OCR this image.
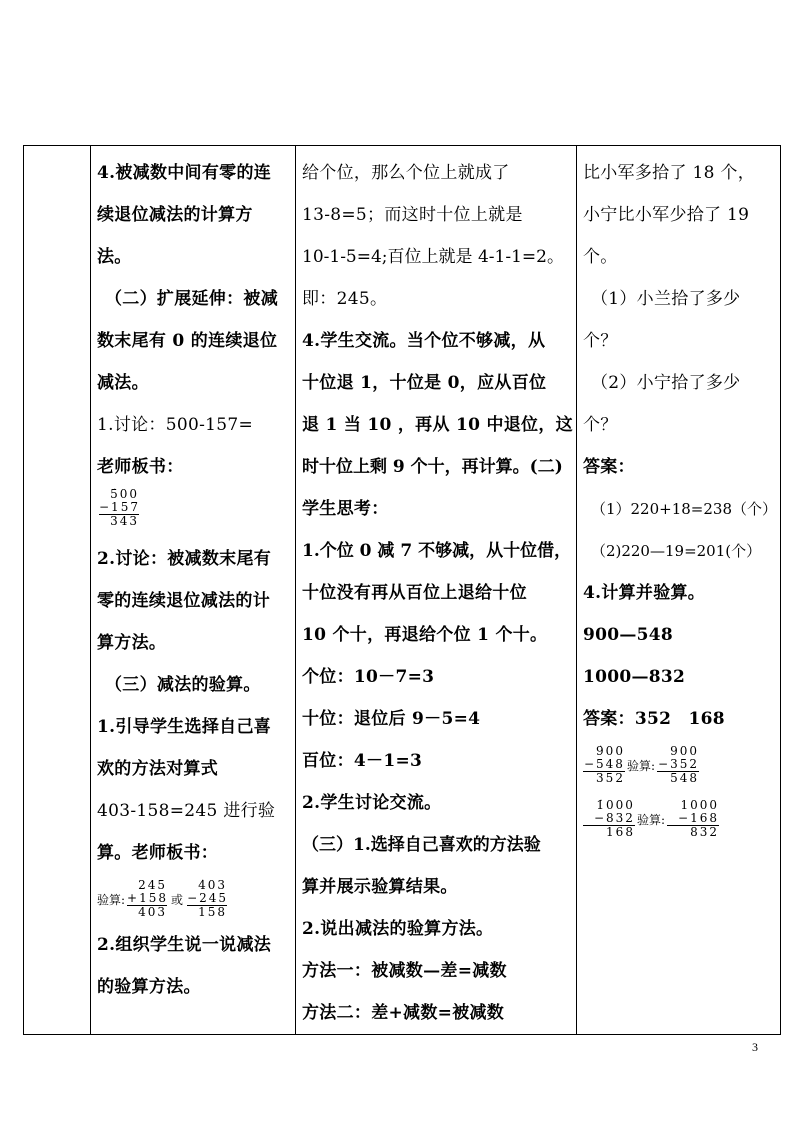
4.被减数中间有零的连
续退位减法的计算方
法。
（二）扩展延伸：被减
数末尾有 0 的连续退位
减法。
1.讨论：500-157=
老师板书：
5̇00
−157
343
2.讨论：被减数末尾有
零的连续退位减法的计
算方法。
（三）减法的验算。
1.引导学生选择自己喜
欢的方法对算式
403-158=245 进行验
算。老师板书：
验算:
245
+158
403
或
4̇03
−245
158
2.组织学生说一说减法
的验算方法。

给个位，那么个位上就成了
13-8=5；而这时十位上就是
10-1-5=4;百位上就是 4-1-1=2。
即：245。
4.学生交流。当个位不够减，从
十位退 1，十位是 0，应从百位
退 1 当 10 ，再从 10 中退位，这
时十位上剩 9 个十，再计算。(二)
学生思考：
1.个位 0 减 7 不够减，从十位借，
十位没有再从百位上退给十位
10 个十，再退给个位 1 个十。
个位：10－7=3
十位：退位后 9－5=4
百位：4－1=3
2.学生讨论交流。
（三）1.选择自己喜欢的方法验
算并展示验算结果。
2.说出减法的验算方法。
方法一：被减数—差=减数
方法二：差+减数=被减数

比小军多拾了 18 个，
小宁比小军少拾了 19
个。
（1）小兰拾了多少
个？
（2）小宁拾了多少
个？
答案：
（1）220+18=238（个）
（2)220—19=201(个）
4.计算并验算。
900—548
1000—832
答案：352　168
9̇00
−548
352
验算:
900
−352
548
1̇000
−832
168
验算:
1000
−168
832
3
